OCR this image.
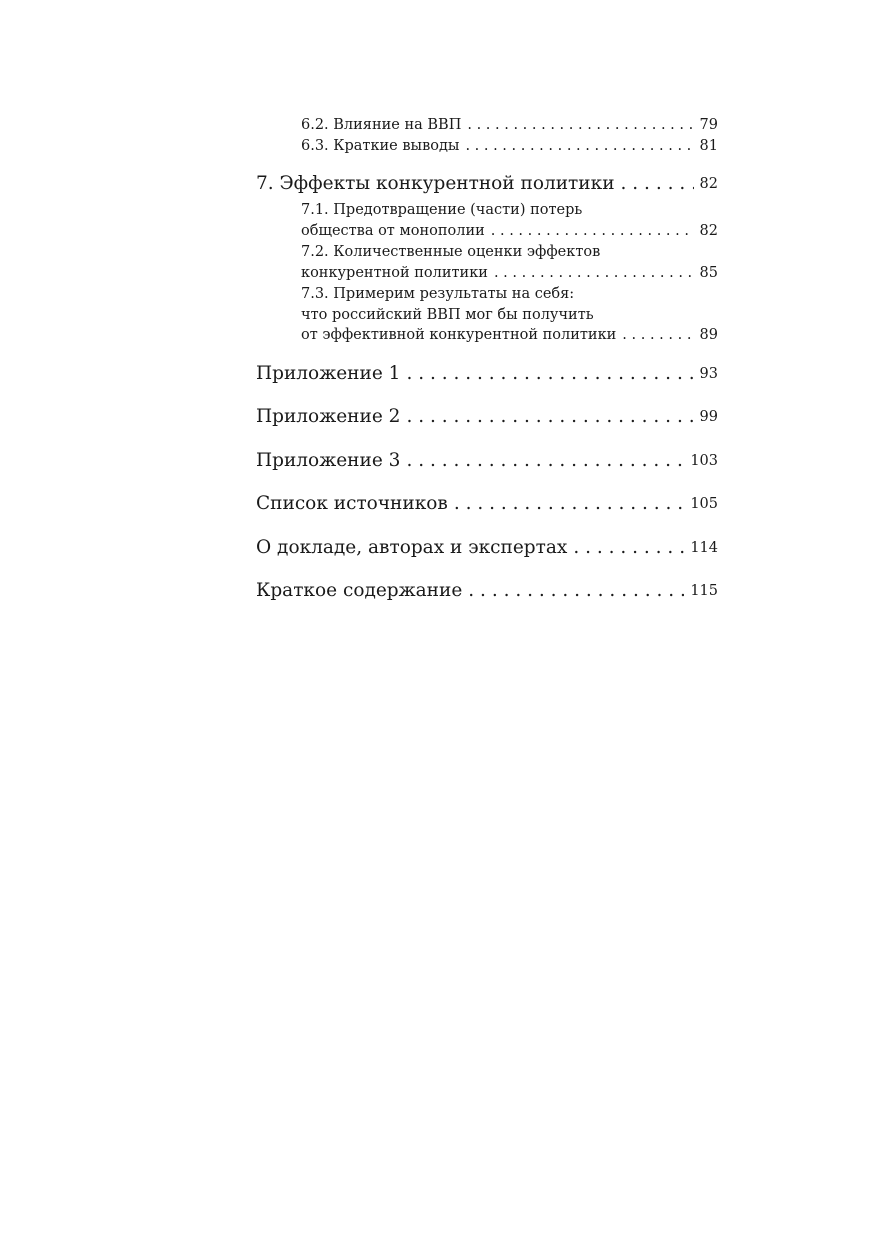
6.2. Влияние на ВВП . . .	79
6.3. Краткие выводы . . .	81
7. Эффекты конкурентной политики . . .	82
7.1. Предотвращение (части) потерь
общества от монополии . . .	82
7.2. Количественные оценки эффектов
конкурентной политики . . .	85
7.3. Примерим результаты на себя:
что российский ВВП мог бы получить
от эффективной конкурентной политики . . .	89
Приложение 1 . . .	93
Приложение 2 . . .	99
Приложение 3 . . .	103
Список источников . . .	105
О докладе, авторах и экспертах . . .	114
Краткое содержание . . .	115
